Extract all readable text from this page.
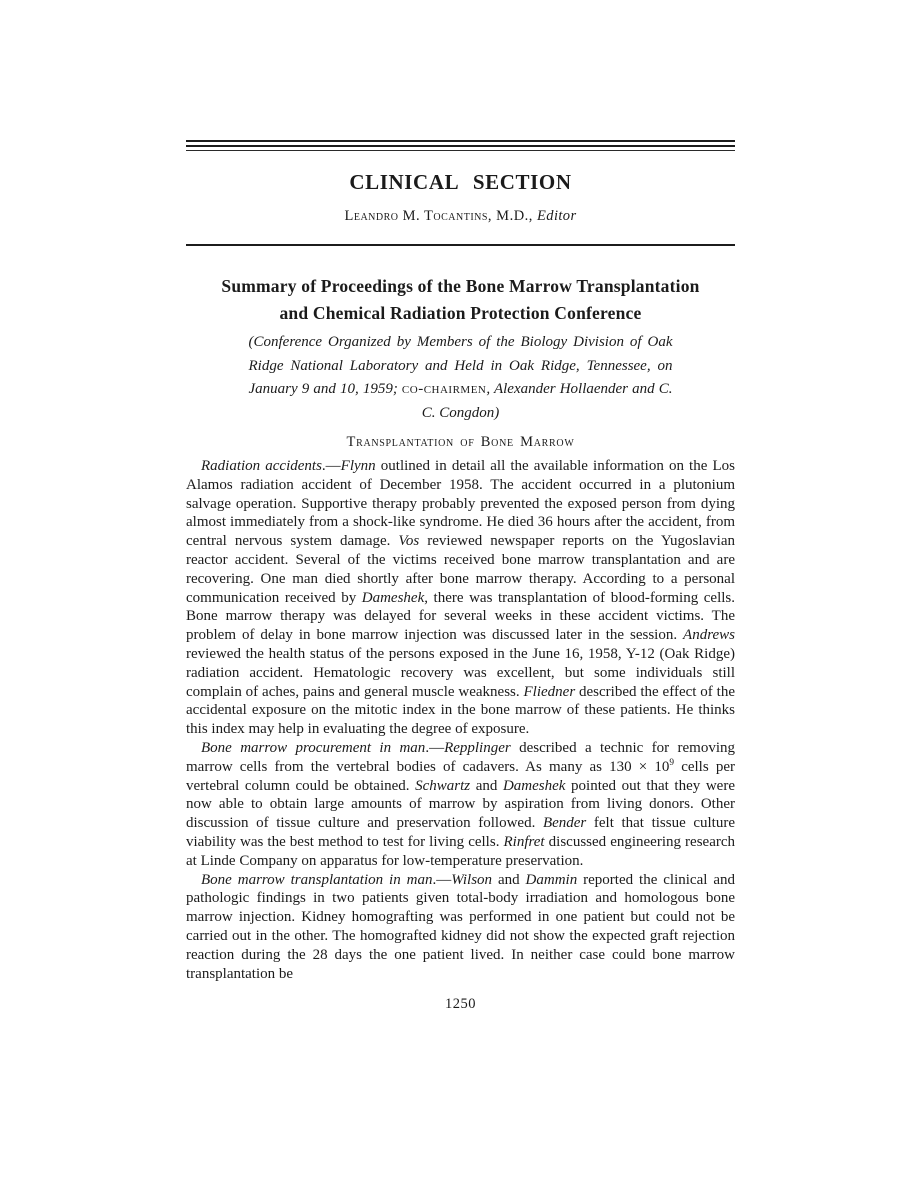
CLINICAL SECTION
Leandro M. Tocantins, M.D., Editor
Summary of Proceedings of the Bone Marrow Transplantation
and Chemical Radiation Protection Conference
(Conference Organized by Members of the Biology Division of Oak Ridge National Laboratory and Held in Oak Ridge, Tennessee, on January 9 and 10, 1959; co-chairmen, Alexander Hollaender and C. C. Congdon)
Transplantation of Bone Marrow

Radiation accidents.—Flynn outlined in detail all the available information on the Los Alamos radiation accident of December 1958. The accident occurred in a plutonium salvage operation. Supportive therapy probably prevented the exposed person from dying almost immediately from a shock-like syndrome. He died 36 hours after the accident, from central nervous system damage. Vos reviewed newspaper reports on the Yugoslavian reactor accident. Several of the victims received bone marrow transplantation and are recovering. One man died shortly after bone marrow therapy. According to a personal communication received by Dameshek, there was transplantation of blood-forming cells. Bone marrow therapy was delayed for several weeks in these accident victims. The problem of delay in bone marrow injection was discussed later in the session. Andrews reviewed the health status of the persons exposed in the June 16, 1958, Y-12 (Oak Ridge) radiation accident. Hematologic recovery was excellent, but some individuals still complain of aches, pains and general muscle weakness. Fliedner described the effect of the accidental exposure on the mitotic index in the bone marrow of these patients. He thinks this index may help in evaluating the degree of exposure.

Bone marrow procurement in man.—Repplinger described a technic for removing marrow cells from the vertebral bodies of cadavers. As many as $130 \times 10^9$ cells per vertebral column could be obtained. Schwartz and Dameshek pointed out that they were now able to obtain large amounts of marrow by aspiration from living donors. Other discussion of tissue culture and preservation followed. Bender felt that tissue culture viability was the best method to test for living cells. Rinfret discussed engineering research at Linde Company on apparatus for low-temperature preservation.

Bone marrow transplantation in man.—Wilson and Dammin reported the clinical and pathologic findings in two patients given total-body irradiation and homologous bone marrow injection. Kidney homografting was performed in one patient but could not be carried out in the other. The homografted kidney did not show the expected graft rejection reaction during the 28 days the one patient lived. In neither case could bone marrow transplantation be

1250
